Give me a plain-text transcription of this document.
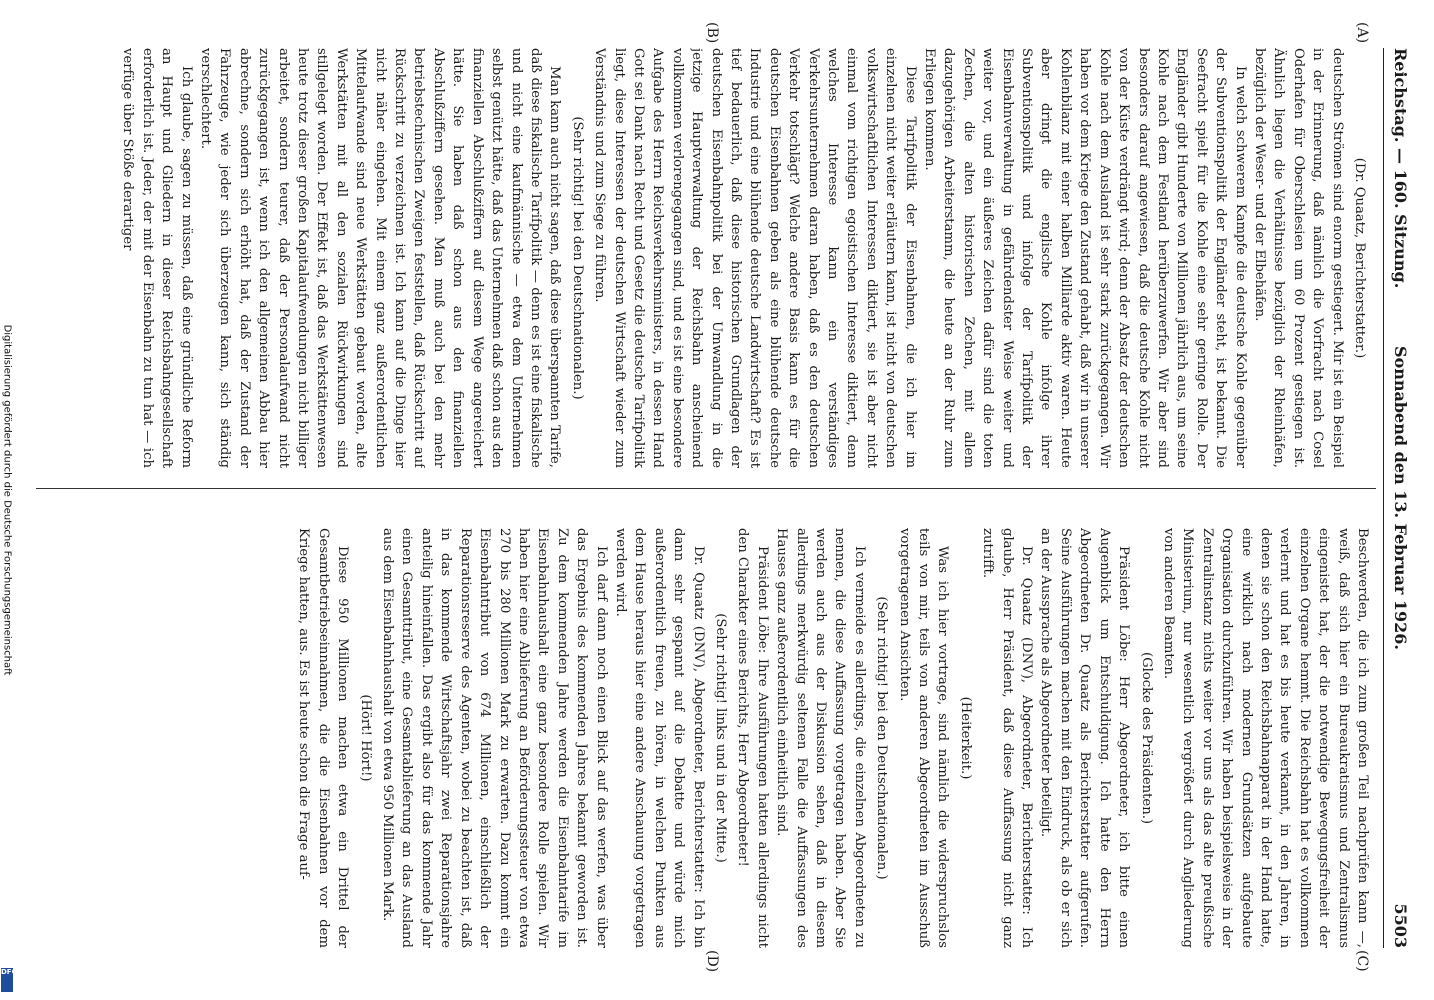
Reichstag. — 160. Sitzung.
Sonnabend den 13. Februar 1926.
5503
(A)
(B)
(C)
(D)

(Dr. Quaatz, Berichterstatter.)

deutschen Strömen sind enorm gestiegert. Mir ist ein Beispiel in der Erinnerung, daß nämlich die Vorfracht nach Cosel Oderhafen für Oberschlesien um 60 Prozent gestiegen ist. Ähnlich liegen die Verhältnisse bezüglich der Rheinhäfen, bezüglich der Weser- und der Elbehäfen.

In welch schwerem Kampfe die deutsche Kohle gegenüber der Subventionspolitik der Engländer steht, ist bekannt. Die Seefracht spielt für die Kohle eine sehr geringe Rolle. Der Engländer gibt Hunderte von Millionen jährlich aus, um seine Kohle nach dem Festland herüberzuwerfen. Wir aber sind besonders darauf angewiesen, daß die deutsche Kohle nicht von der Küste verdrängt wird; denn der Absatz der deutschen Kohle nach dem Ausland ist sehr stark zurückgegangen. Wir haben vor dem Kriege den Zustand gehabt, daß wir in unserer Kohlenbilanz mit einer halben Milliarde aktiv waren. Heute aber dringt die englische Kohle infolge ihrer Subventionspolitik und infolge der Tarifpolitik der Eisenbahnverwaltung in gefährdendster Weise weiter und weiter vor, und ein äußeres Zeichen dafür sind die toten Zechen, die alten historischen Zechen, mit allem dazugehörigen Arbeiterstamm, die heute an der Ruhr zum Erliegen kommen.

Diese Tarifpolitik der Eisenbahnen, die ich hier im einzelnen nicht weiter erläutern kann, ist nicht von deutschen volkswirtschaftlichen Interessen diktiert, sie ist aber nicht einmal vom richtigen egoistischen Interesse diktiert, denn welches Interesse kann ein verständiges Verkehrsunternehmen daran haben, daß es den deutschen Verkehr totschlägt? Welche andere Basis kann es für die deutschen Eisenbahnen geben als eine blühende deutsche Industrie und eine blühende deutsche Landwirtschaft? Es ist tief bedauerlich, daß diese historischen Grundlagen der deutschen Eisenbahnpolitik bei der Umwandlung in die jetzige Hauptverwaltung der Reichsbahn anscheinend vollkommen verlorengegangen sind, und es ist eine besondere Aufgabe des Herrn Reichsverkehrsministers, in dessen Hand Gott sei Dank nach Recht und Gesetz die deutsche Tarifpolitik liegt, diese Interessen der deutschen Wirtschaft wieder zum Verständnis und zum Siege zu führen.

(Sehr richtig! bei den Deutschnationalen.)

Man kann auch nicht sagen, daß diese überspannten Tarife, daß diese fiskalische Tarifpolitik — denn es ist eine fiskalische und nicht eine kaufmännische — etwa dem Unternehmen selbst genützt hätte, daß das Unternehmen daß schon aus den finanziellen Abschlußziffern auf diesem Wege angereichert hätte. Sie haben daß schon aus den finanziellen Abschlußziffern gesehen. Man muß auch bei den mehr betriebstechnischen Zweigen feststellen, daß Rückschritt auf Rückschritt zu verzeichnen ist. Ich kann auf die Dinge hier nicht näher eingehen. Mit einem ganz außerordentlichen Mittelaufwande sind neue Werkstätten gebaut worden, alte Werkstätten mit all den sozialen Rückwirkungen sind stillgelegt worden. Der Effekt ist, daß das Werkstättenwesen heute trotz dieser großen Kapitalaufwendungen nicht billiger arbeitet, sondern teurer, daß der Personalaufwand nicht zurückgegangen ist, wenn ich den allgemeinen Abbau hier abrechne, sondern sich erhöht hat, daß der Zustand der Fahrzeuge, wie jeder sich überzeugen kann, sich ständig verschlechtert.

Ich glaube, sagen zu müssen, daß eine gründliche Reform an Haupt und Gliedern in dieser Reichsbahngesellschaft erforderlich ist. Jeder, der mit der Eisenbahn zu tun hat — ich verfüge über Stöße derartiger

Beschwerden, die ich zum großen Teil nachprüfen kann —, weiß, daß sich hier ein Bureaukratismus und Zentralismus eingenistet hat, der die notwendige Bewegungsfreiheit der einzelnen Organe hemmt. Die Reichsbahn hat es vollkommen verlernt und hat es bis heute verkannt, in den Jahren, in denen sie schon den Reichsbahnapparat in der Hand hatte, eine wirklich nach modernen Grundsätzen aufgebaute Organisation durchzuführen. Wir haben beispielsweise in der Zentralinstanz nichts weiter vor uns als das alte preußische Ministerium, nur wesentlich vergrößert durch Angliederung von anderen Beamten.

(Glocke des Präsidenten.)

Präsident Löbe: Herr Abgeordneter, ich bitte einen Augenblick um Entschuldigung. Ich hatte den Herrn Abgeordneten Dr. Quaatz als Berichterstatter aufgerufen. Seine Ausführungen machen mit den Eindruck, als ob er sich an der Aussprache als Abgeordneter beteiligt.

Dr. Quaatz (DNV), Abgeordneter, Berichterstatter: Ich glaube, Herr Präsident, daß diese Auffassung nicht ganz zutrifft.

(Heiterkeit.)

Was ich hier vortrage, sind nämlich die widerspruchslos teils von mir, teils von anderen Abgeordneten im Ausschuß vorgetragenen Ansichten.

(Sehr richtig! bei den Deutschnationalen.)

Ich vermeide es allerdings, die einzelnen Abgeordneten zu nennen, die diese Auffassung vorgetragen haben. Aber Sie werden auch aus der Diskussion sehen, daß in diesem allerdings merkwürdig seltenen Falle die Auffassungen des Hauses ganz außerordentlich einheitlich sind.

Präsident Löbe: Ihre Ausführungen hatten allerdings nicht den Charakter eines Berichts, Herr Abgeordneter!

(Sehr richtig! links und in der Mitte.)

Dr. Quaatz (DNV), Abgeordneter, Berichterstatter: Ich bin dann sehr gespannt auf die Debatte und würde mich außerordentlich freuen, zu hören, in welchen Punkten aus dem Hause heraus hier eine andere Anschauung vorgetragen werden wird.

Ich darf dann noch einen Blick auf das werfen, was über das Ergebnis des kommenden Jahres bekannt geworden ist. Zu dem kommenden Jahre werden die Eisenbahntarife im Eisenbahnhaushalt eine ganz besondere Rolle spielen. Wir haben hier eine Ablieferung an Beförderungssteuer von etwa 270 bis 280 Millionen Mark zu erwarten. Dazu kommt ein Eisenbahntribut von 674 Millionen, einschließlich der Reparationsreserve des Agenten, wobei zu beachten ist, daß in das kommende Wirtschaftsjahr zwei Reparationsjahre anteilig hineinfallen. Das ergibt also für das kommende Jahr einen Gesamttribut, eine Gesamtablieferung an das Ausland aus dem Eisenbahnhaushalt von etwa 950 Millionen Mark.

(Hört! Hört!)

Diese 950 Millionen machen etwa ein Drittel der Gesamtbetriebseinnahmen, die die Eisenbahnen vor dem Kriege hatten, aus. Es ist heute schon die Frage auf-

Digitalisierung gefördert durch die Deutsche Forschungsgemeinschaft
DFG
